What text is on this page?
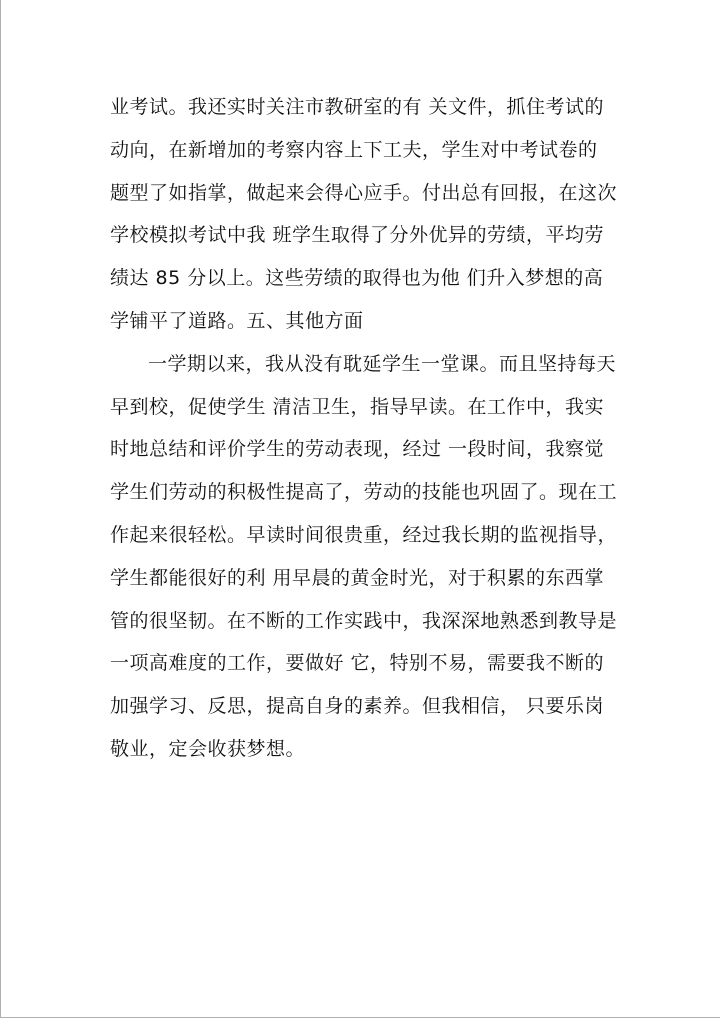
业考试。我还实时关注市教研室的有 关文件，抓住考试的
动向，在新增加的考察内容上下工夫，学生对中考试卷的
题型了如指掌，做起来会得心应手。付出总有回报，在这次
学校模拟考试中我 班学生取得了分外优异的劳绩，平均劳
绩达 85 分以上。这些劳绩的取得也为他 们升入梦想的高
学铺平了道路。五、其他方面
一学期以来，我从没有耽延学生一堂课。而且坚持每天
早到校，促使学生 清洁卫生，指导早读。在工作中，我实
时地总结和评价学生的劳动表现，经过 一段时间，我察觉
学生们劳动的积极性提高了，劳动的技能也巩固了。现在工
作起来很轻松。早读时间很贵重，经过我长期的监视指导，
学生都能很好的利 用早晨的黄金时光，对于积累的东西掌
管的很坚韧。在不断的工作实践中，我深深地熟悉到教导是
一项高难度的工作，要做好 它，特别不易，需要我不断的
加强学习、反思，提高自身的素养。但我相信， 只要乐岗
敬业，定会收获梦想。
